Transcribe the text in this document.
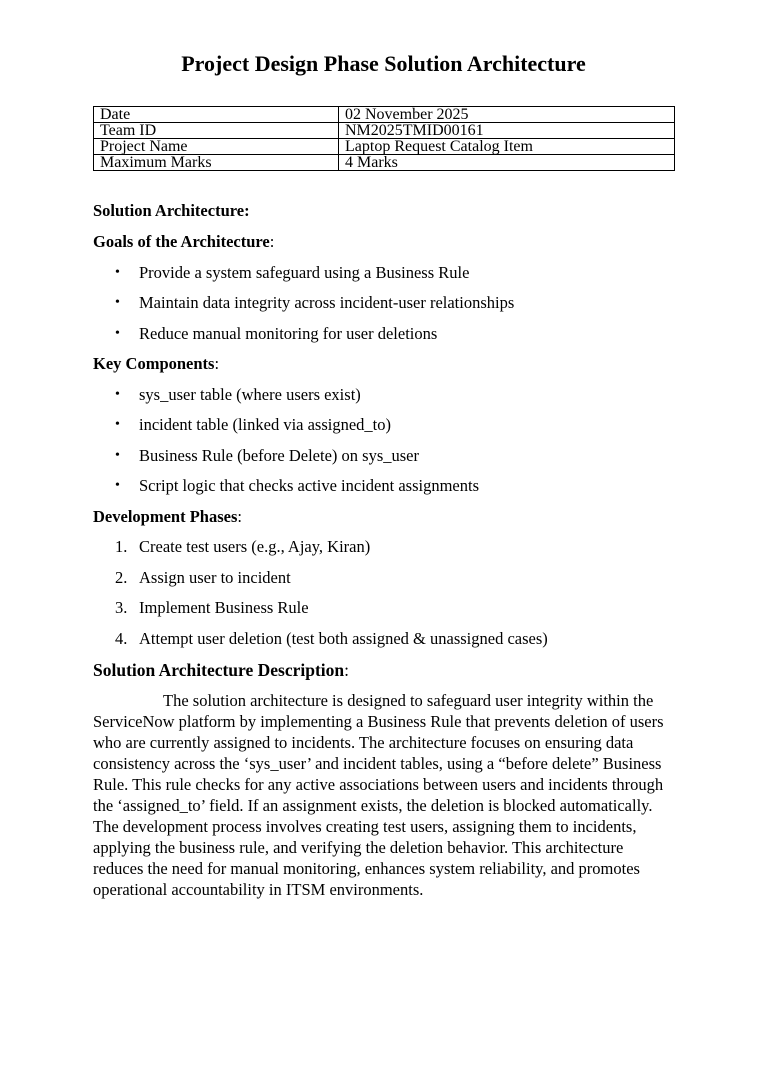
Project Design Phase Solution Architecture
Date	02 November 2025
Team ID	NM2025TMID00161
Project Name	Laptop Request Catalog Item
Maximum Marks	4 Marks
Solution Architecture:
Goals of the Architecture:
• Provide a system safeguard using a Business Rule
• Maintain data integrity across incident-user relationships
• Reduce manual monitoring for user deletions
Key Components:
• sys_user table (where users exist)
• incident table (linked via assigned_to)
• Business Rule (before Delete) on sys_user
• Script logic that checks active incident assignments
Development Phases:
1. Create test users (e.g., Ajay, Kiran)
2. Assign user to incident
3. Implement Business Rule
4. Attempt user deletion (test both assigned & unassigned cases)
Solution Architecture Description:

The solution architecture is designed to safeguard user integrity within the ServiceNow platform by implementing a Business Rule that prevents deletion of users who are currently assigned to incidents. The architecture focuses on ensuring data consistency across the ‘sys_user’ and incident tables, using a “before delete” Business Rule. This rule checks for any active associations between users and incidents through the ‘assigned_to’ field. If an assignment exists, the deletion is blocked automatically. The development process involves creating test users, assigning them to incidents, applying the business rule, and verifying the deletion behavior. This architecture reduces the need for manual monitoring, enhances system reliability, and promotes operational accountability in ITSM environments.
